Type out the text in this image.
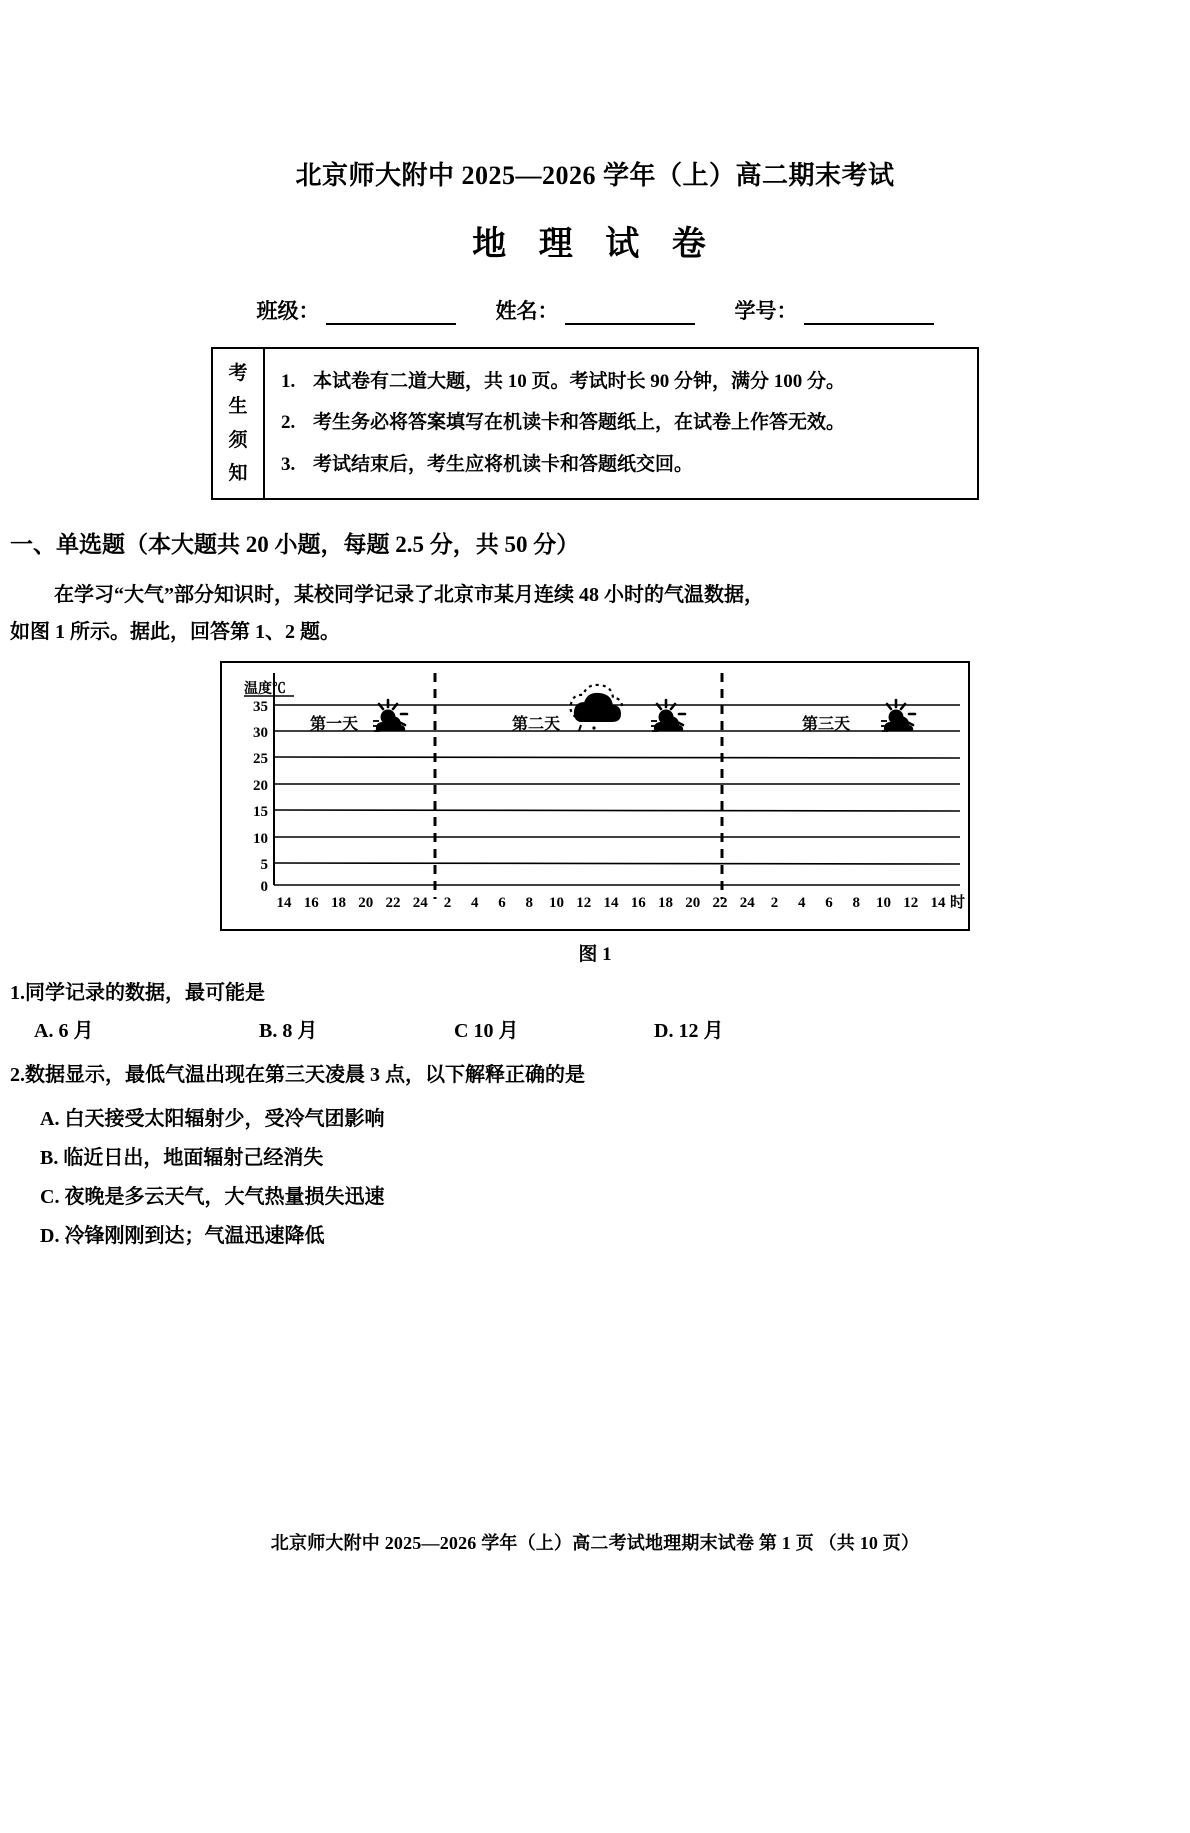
北京师大附中 2025—2026 学年（上）高二期末考试
地 理 试 卷
班级：	姓名：	学号：
考
生
须
知
1. 本试卷有二道大题，共 10 页。考试时长 90 分钟，满分 100 分。
2. 考生务必将答案填写在机读卡和答题纸上，在试卷上作答无效。
3. 考试结束后，考生应将机读卡和答题纸交回。
一、单选题（本大题共 20 小题，每题 2.5 分，共 50 分）
在学习“大气”部分知识时，某校同学记录了北京市某月连续 48 小时的气温数据，
如图 1 所示。据此，回答第 1、2 题。
温度℃
35
30
25
20
15
10
5
0
第一天	第二天	第三天
14 16 18 20 22 24 2 4 6 8 10 12 14 16 18 20 22 24 2 4 6 8 10 12 14 时
图 1
1.同学记录的数据，最可能是
A. 6 月	B. 8 月	C 10 月	D. 12 月
2.数据显示，最低气温出现在第三天凌晨 3 点，以下解释正确的是
A. 白天接受太阳辐射少，受冷气团影响
B. 临近日出，地面辐射己经消失
C. 夜晚是多云天气，大气热量损失迅速
D. 冷锋刚刚到达；气温迅速降低
北京师大附中 2025—2026 学年（上）高二考试地理期末试卷 第 1 页 （共 10 页）
